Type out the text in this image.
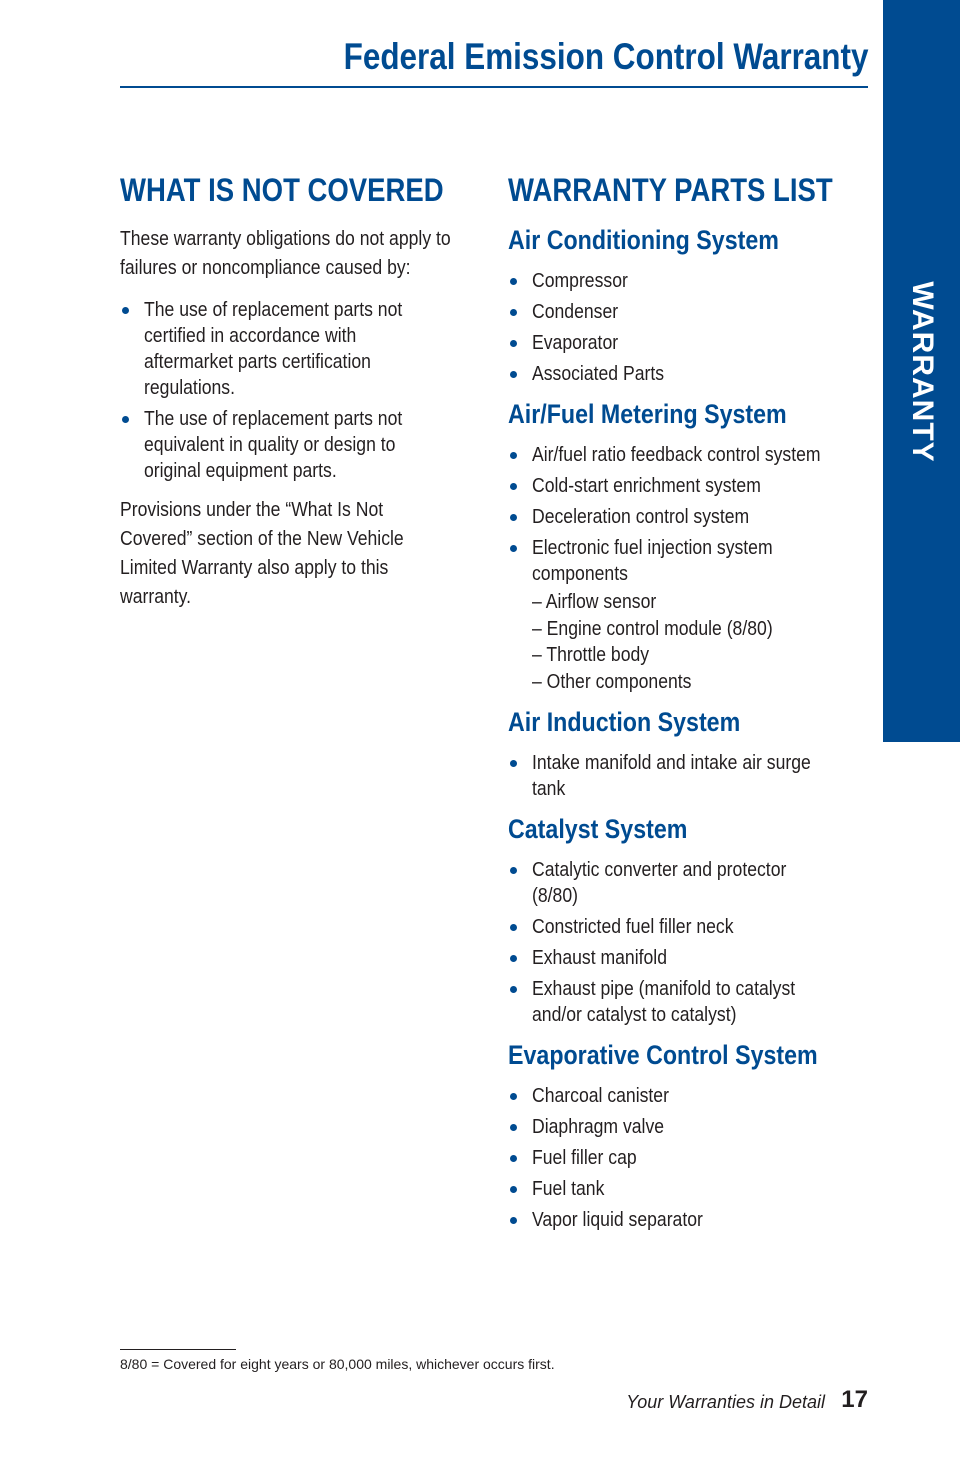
Federal Emission Control Warranty
WARRANTY
WHAT IS NOT COVERED

These warranty obligations do not apply to failures or noncompliance caused by:

The use of replacement parts not certified in accordance with aftermarket parts certification regulations.
The use of replacement parts not equivalent in quality or design to original equipment parts.

Provisions under the “What Is Not Covered” section of the New Vehicle Limited Warranty also apply to this warranty.

WARRANTY PARTS LIST
Air Conditioning System
Compressor
Condenser
Evaporator
Associated Parts
Air/Fuel Metering System
Air/fuel ratio feedback control system
Cold-start enrichment system
Deceleration control system
Electronic fuel injection system components
– Airflow sensor
– Engine control module (8/80)
– Throttle body
– Other components
Air Induction System
Intake manifold and intake air surge tank
Catalyst System
Catalytic converter and protector (8/80)
Constricted fuel filler neck
Exhaust manifold
Exhaust pipe (manifold to catalyst and/or catalyst to catalyst)
Evaporative Control System
Charcoal canister
Diaphragm valve
Fuel filler cap
Fuel tank
Vapor liquid separator
8/80 = Covered for eight years or 80,000 miles, whichever occurs first.
Your Warranties in Detail 17
